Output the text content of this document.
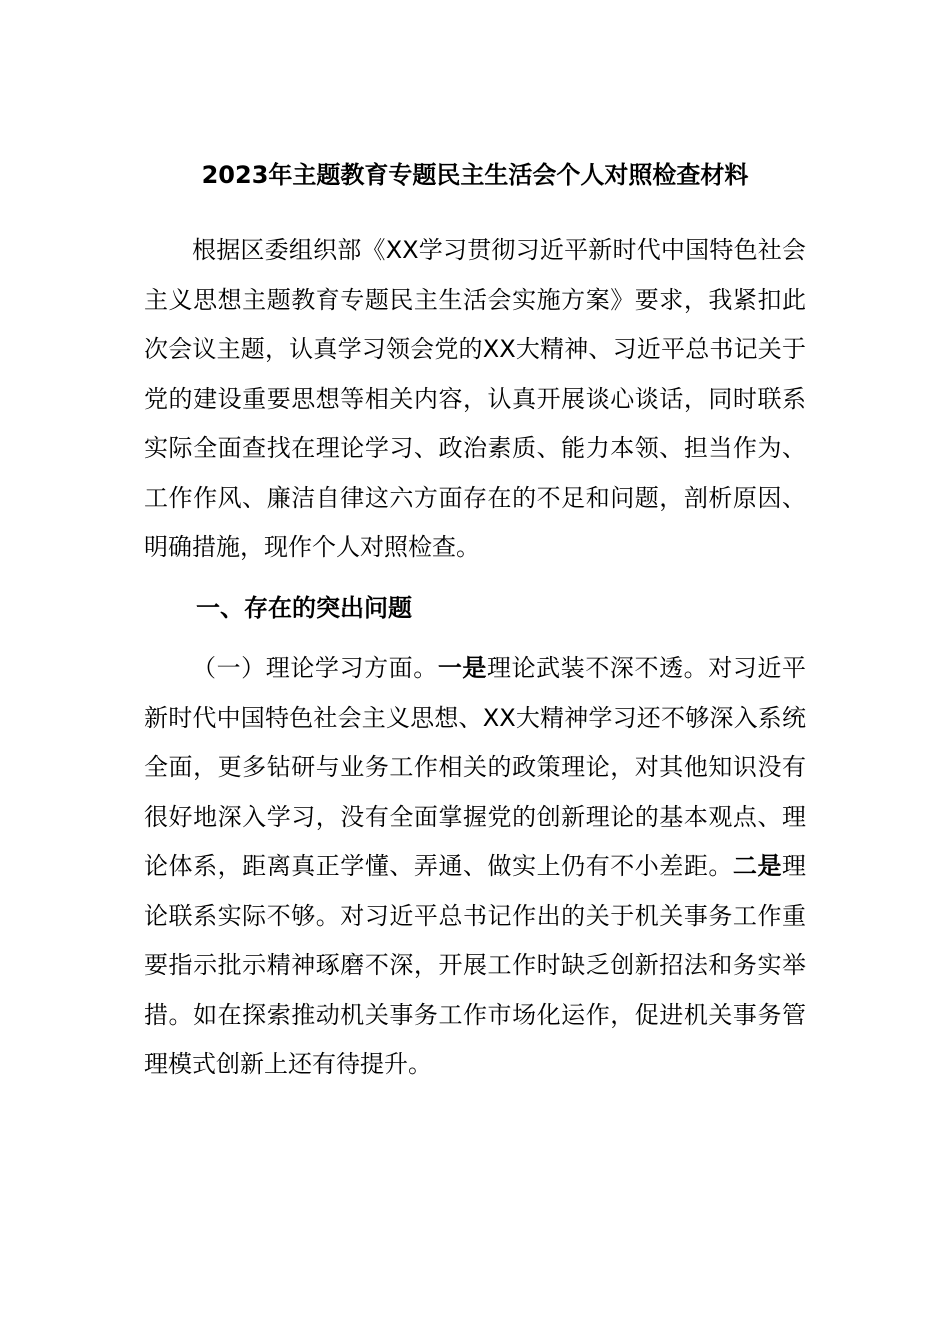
2023年主题教育专题民主生活会个人对照检查材料

根据区委组织部《XX学习贯彻习近平新时代中国特色社会主义思想主题教育专题民主生活会实施方案》要求，我紧扣此次会议主题，认真学习领会党的XX大精神、习近平总书记关于党的建设重要思想等相关内容，认真开展谈心谈话，同时联系实际全面查找在理论学习、政治素质、能力本领、担当作为、工作作风、廉洁自律这六方面存在的不足和问题，剖析原因、明确措施，现作个人对照检查。

一、存在的突出问题

（一）理论学习方面。一是理论武装不深不透。对习近平新时代中国特色社会主义思想、XX大精神学习还不够深入系统全面，更多钻研与业务工作相关的政策理论，对其他知识没有很好地深入学习，没有全面掌握党的创新理论的基本观点、理论体系，距离真正学懂、弄通、做实上仍有不小差距。二是理论联系实际不够。对习近平总书记作出的关于机关事务工作重要指示批示精神琢磨不深，开展工作时缺乏创新招法和务实举措。如在探索推动机关事务工作市场化运作，促进机关事务管理模式创新上还有待提升。
